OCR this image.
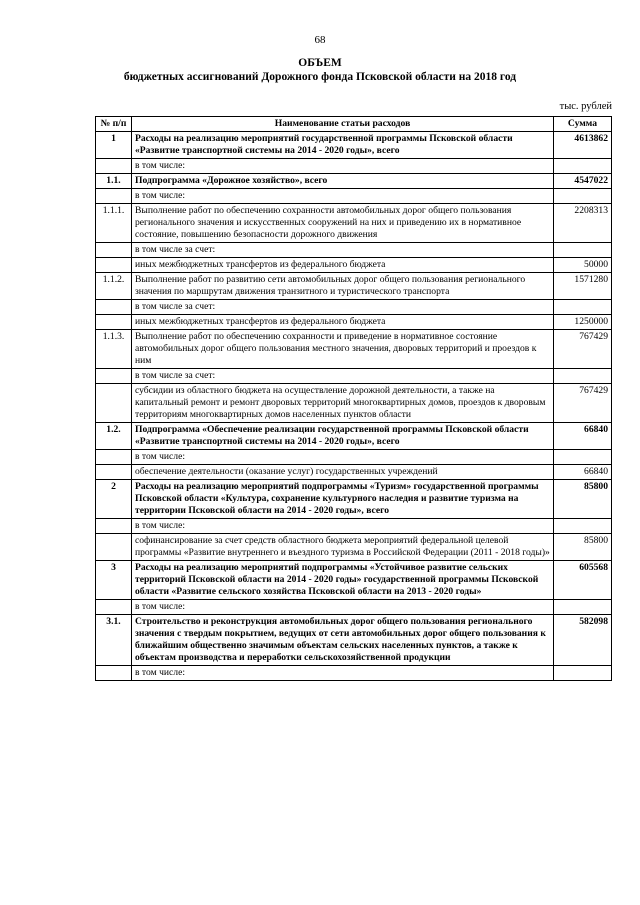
68
ОБЪЕМ
бюджетных ассигнований Дорожного фонда Псковской области на 2018 год
тыс. рублей
№ п/п	Наименование статьи расходов	Сумма
1	Расходы на реализацию мероприятий государственной программы Псковской области «Развитие транспортной системы на 2014 - 2020 годы», всего	4613862
	в том числе:	
1.1.	Подпрограмма «Дорожное хозяйство», всего	4547022
	в том числе:	
1.1.1.	Выполнение работ по обеспечению сохранности автомобильных дорог общего пользования регионального значения и искусственных сооружений на них и приведению их в нормативное состояние, повышению безопасности дорожного движения	2208313
	в том числе за счет:	
	иных межбюджетных трансфертов из федерального бюджета	50000
1.1.2.	Выполнение работ по развитию сети автомобильных дорог общего пользования регионального значения по маршрутам движения транзитного и туристического транспорта	1571280
	в том числе за счет:	
	иных межбюджетных трансфертов из федерального бюджета	1250000
1.1.3.	Выполнение работ по обеспечению сохранности и приведение в нормативное состояние автомобильных дорог общего пользования местного значения, дворовых территорий и проездов к ним	767429
	в том числе за счет:	
	субсидии из областного бюджета на осуществление дорожной деятельности, а также на капитальный ремонт и ремонт дворовых территорий многоквартирных домов, проездов к дворовым территориям многоквартирных домов населенных пунктов области	767429
1.2.	Подпрограмма «Обеспечение реализации государственной программы Псковской области «Развитие транспортной системы на 2014 - 2020 годы», всего	66840
	в том числе:	
	обеспечение деятельности (оказание услуг) государственных учреждений	66840
2	Расходы на реализацию мероприятий подпрограммы «Туризм» государственной программы Псковской области «Культура, сохранение культурного наследия и развитие туризма на территории Псковской области на 2014 - 2020 годы», всего	85800
	в том числе:	
	софинансирование за счет средств областного бюджета мероприятий федеральной целевой программы «Развитие внутреннего и въездного туризма в Российской Федерации (2011 - 2018 годы)»	85800
3	Расходы на реализацию мероприятий подпрограммы «Устойчивое развитие сельских территорий Псковской области на 2014 - 2020 годы» государственной программы Псковской области «Развитие сельского хозяйства Псковской области на 2013 - 2020 годы»	605568
	в том числе:	
3.1.	Строительство и реконструкция автомобильных дорог общего пользования регионального значения с твердым покрытием, ведущих от сети автомобильных дорог общего пользования к ближайшим общественно значимым объектам сельских населенных пунктов, а также к объектам производства и переработки сельскохозяйственной продукции	582098
	в том числе:	
